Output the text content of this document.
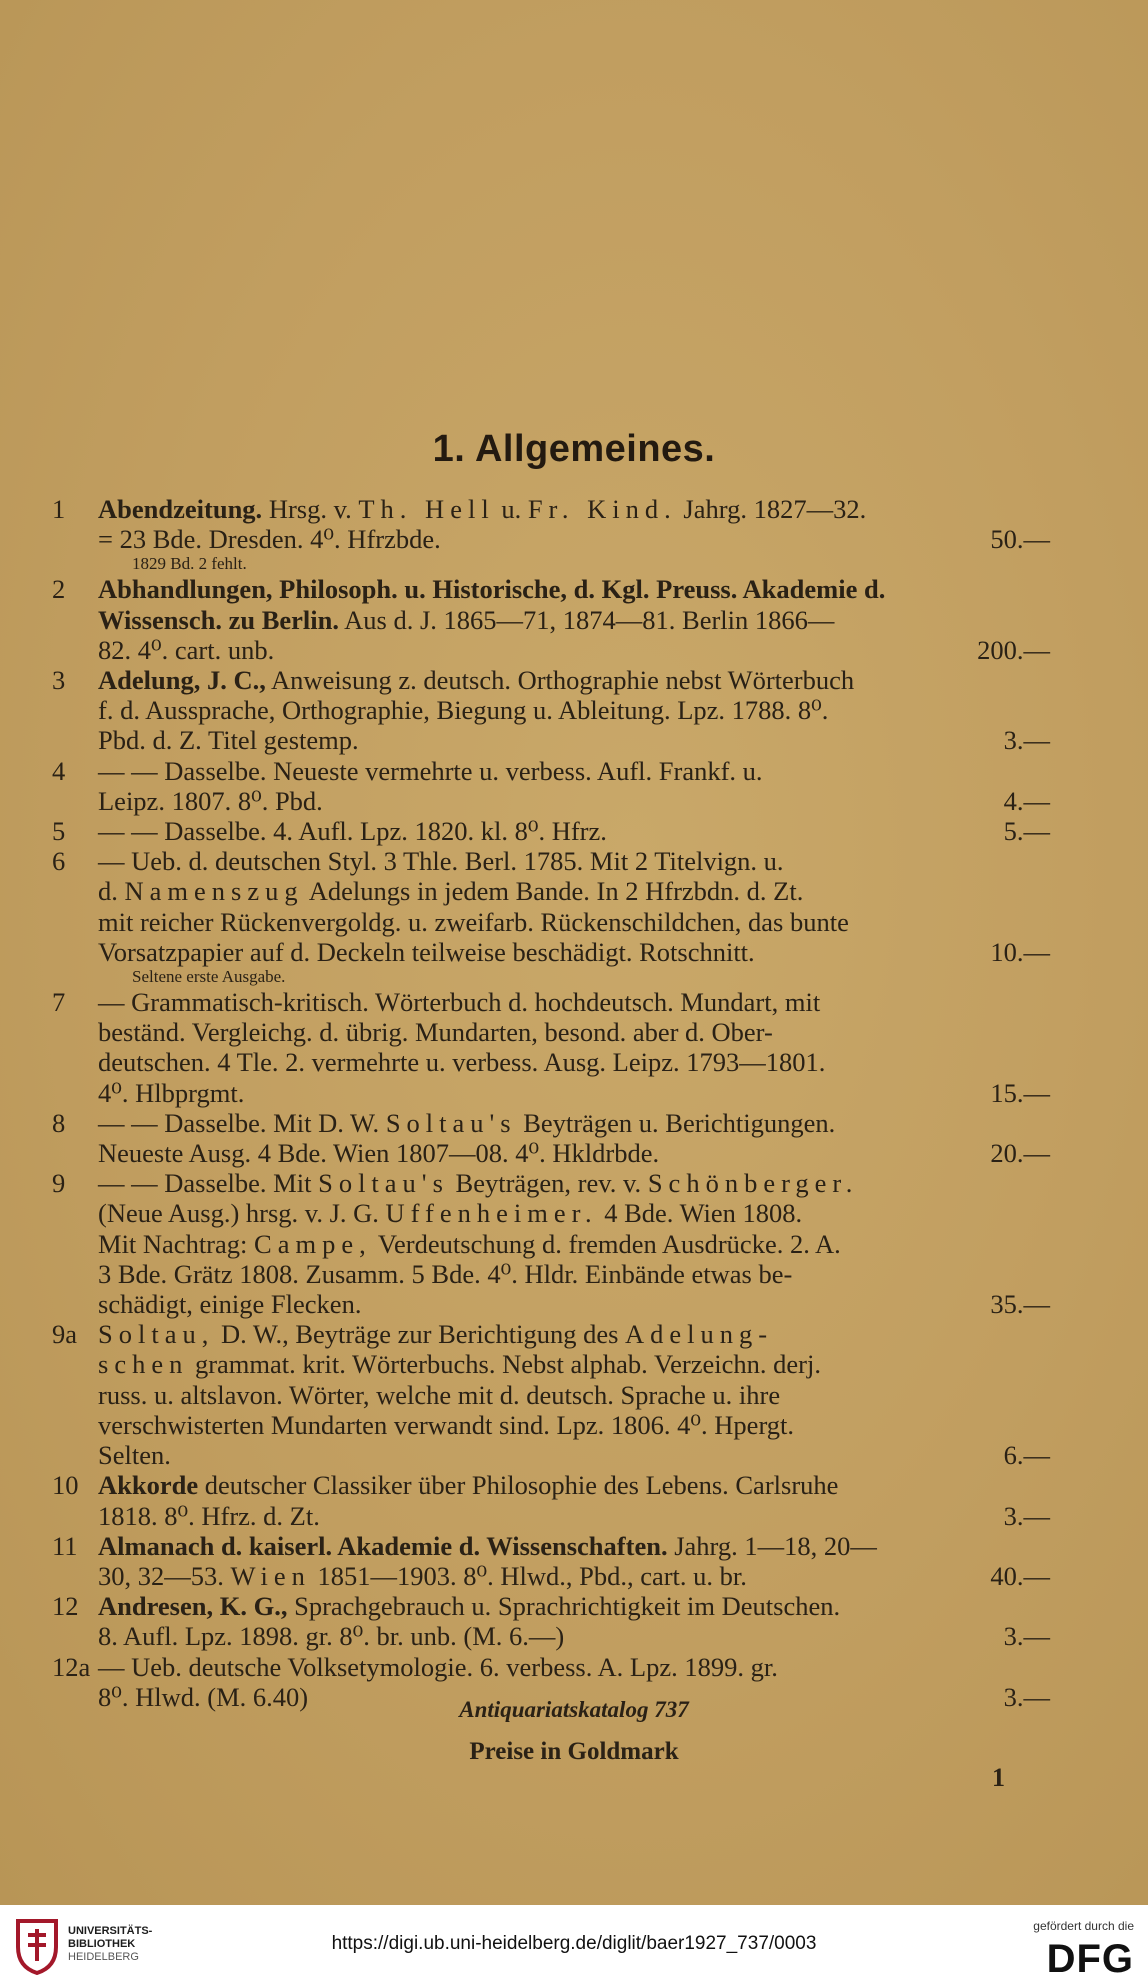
1. Allgemeines.
1	Abendzeitung. Hrsg. v. Th. Hell u. Fr. Kind. Jahrg. 1827—32.
= 23 Bde. Dresden. 4⁰. Hfrzbde.	50.—
1829 Bd. 2 fehlt.
2	Abhandlungen, Philosoph. u. Historische, d. Kgl. Preuss. Akademie d.
Wissensch. zu Berlin. Aus d. J. 1865—71, 1874—81. Berlin 1866—
82. 4⁰. cart. unb.	200.—
3	Adelung, J. C., Anweisung z. deutsch. Orthographie nebst Wörterbuch
f. d. Aussprache, Orthographie, Biegung u. Ableitung. Lpz. 1788. 8⁰.
Pbd. d. Z. Titel gestemp.	3.—
4	— — Dasselbe. Neueste vermehrte u. verbess. Aufl. Frankf. u.
Leipz. 1807. 8⁰. Pbd.	4.—
5	— — Dasselbe. 4. Aufl. Lpz. 1820. kl. 8⁰. Hfrz.	5.—
6	— Ueb. d. deutschen Styl. 3 Thle. Berl. 1785. Mit 2 Titelvign. u.
d. Namenszug Adelungs in jedem Bande. In 2 Hfrzbdn. d. Zt.
mit reicher Rückenvergoldg. u. zweifarb. Rückenschildchen, das bunte
Vorsatzpapier auf d. Deckeln teilweise beschädigt. Rotschnitt.	10.—
Seltene erste Ausgabe.
7	— Grammatisch-kritisch. Wörterbuch d. hochdeutsch. Mundart, mit
beständ. Vergleichg. d. übrig. Mundarten, besond. aber d. Ober-
deutschen. 4 Tle. 2. vermehrte u. verbess. Ausg. Leipz. 1793—1801.
4⁰. Hlbprgmt.	15.—
8	— — Dasselbe. Mit D. W. Soltau's Beyträgen u. Berichtigungen.
Neueste Ausg. 4 Bde. Wien 1807—08. 4⁰. Hkldrbde.	20.—
9	— — Dasselbe. Mit Soltau's Beyträgen, rev. v. Schönberger.
(Neue Ausg.) hrsg. v. J. G. Uffenheimer. 4 Bde. Wien 1808.
Mit Nachtrag: Campe, Verdeutschung d. fremden Ausdrücke. 2. A.
3 Bde. Grätz 1808. Zusamm. 5 Bde. 4⁰. Hldr. Einbände etwas be-
schädigt, einige Flecken.	35.—
9a Soltau, D. W., Beyträge zur Berichtigung des Adelung-
schen grammat. krit. Wörterbuchs. Nebst alphab. Verzeichn. derj.
russ. u. altslavon. Wörter, welche mit d. deutsch. Sprache u. ihre
verschwisterten Mundarten verwandt sind. Lpz. 1806. 4⁰. Hpergt.
Selten.	6.—
10 Akkorde deutscher Classiker über Philosophie des Lebens. Carlsruhe
1818. 8⁰. Hfrz. d. Zt.	3.—
11 Almanach d. kaiserl. Akademie d. Wissenschaften. Jahrg. 1—18, 20—
30, 32—53. Wien 1851—1903. 8⁰. Hlwd., Pbd., cart. u. br.	40.—
12 Andresen, K. G., Sprachgebrauch u. Sprachrichtigkeit im Deutschen.
8. Aufl. Lpz. 1898. gr. 8⁰. br. unb. (M. 6.—)	3.—
12a — Ueb. deutsche Volksetymologie. 6. verbess. A. Lpz. 1899. gr.
8⁰. Hlwd. (M. 6.40)	3.—
Antiquariatskatalog 737
Preise in Goldmark
1
UNIVERSITÄTS-
BIBLIOTHEK
HEIDELBERG
https://digi.ub.uni-heidelberg.de/diglit/baer1927_737/0003
gefördert durch die
DFG
